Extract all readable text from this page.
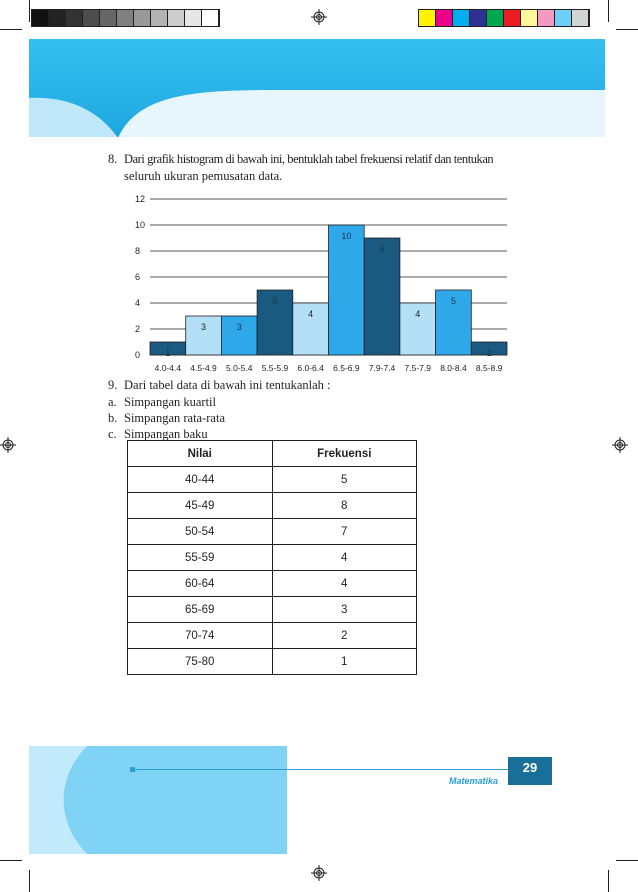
8. Dari grafik histogram di bawah ini, bentuklah tabel frekuensi relatif dan tentukan
seluruh ukuran pemusatan data.
0
2
4
6
8
10
12
1
4.0-4.4
3
4.5-4.9
3
5.0-5.4
5
5.5-5.9
4
6.0-6.4
10
6.5-6.9
9
7.9-7.4
4
7.5-7.9
5
8.0-8.4
1
8.5-8.9
9. Dari tabel data di bawah ini tentukanlah :
a. Simpangan kuartil
b. Simpangan rata-rata
c. Simpangan baku
Nilai	Frekuensi
40-44	5
45-49	8
50-54	7
55-59	4
60-64	4
65-69	3
70-74	2
75-80	1
Matematika
29
